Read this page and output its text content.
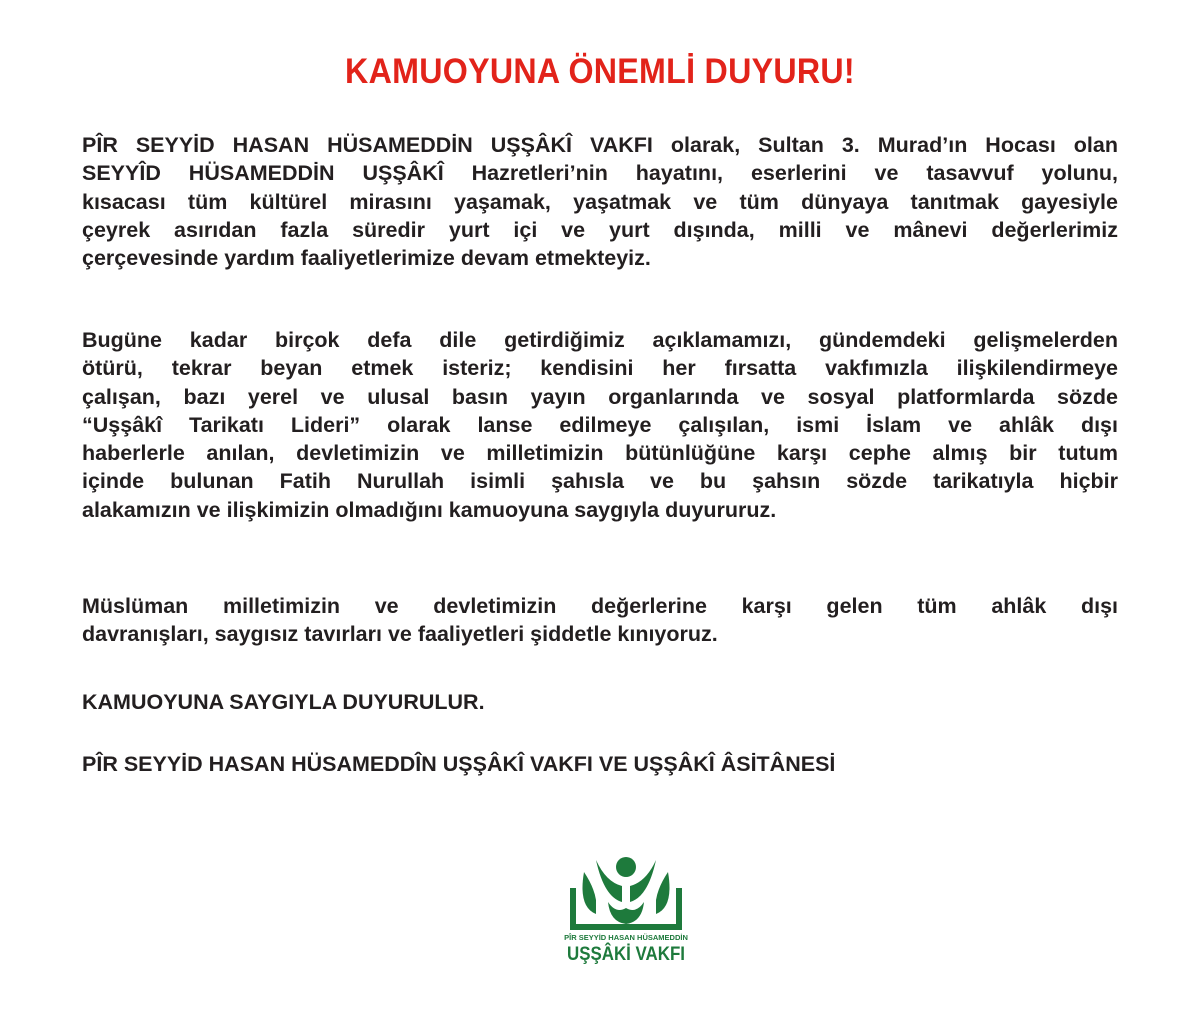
KAMUOYUNA ÖNEMLİ DUYURU!
PÎR SEYYİD HASAN HÜSAMEDDİN UŞŞÂKÎ VAKFI olarak, Sultan 3. Murad’ın Hocası olan
SEYYÎD HÜSAMEDDİN UŞŞÂKÎ Hazretleri’nin hayatını, eserlerini ve tasavvuf yolunu,
kısacası tüm kültürel mirasını yaşamak, yaşatmak ve tüm dünyaya tanıtmak gayesiyle
çeyrek asırıdan fazla süredir yurt içi ve yurt dışında, milli ve mânevi değerlerimiz
çerçevesinde yardım faaliyetlerimize devam etmekteyiz.
Bugüne kadar birçok defa dile getirdiğimiz açıklamamızı, gündemdeki gelişmelerden
ötürü, tekrar beyan etmek isteriz; kendisini her fırsatta vakfımızla ilişkilendirmeye
çalışan, bazı yerel ve ulusal basın yayın organlarında ve sosyal platformlarda sözde
“Uşşâkî Tarikatı Lideri” olarak lanse edilmeye çalışılan, ismi İslam ve ahlâk dışı
haberlerle anılan, devletimizin ve milletimizin bütünlüğüne karşı cephe almış bir tutum
içinde bulunan Fatih Nurullah isimli şahısla ve bu şahsın sözde tarikatıyla hiçbir
alakamızın ve ilişkimizin olmadığını kamuoyuna saygıyla duyururuz.
Müslüman milletimizin ve devletimizin değerlerine karşı gelen tüm ahlâk dışı
davranışları, saygısız tavırları ve faaliyetleri şiddetle kınıyoruz.
KAMUOYUNA SAYGIYLA DUYURULUR.
PÎR SEYYİD HASAN HÜSAMEDDÎN UŞŞÂKÎ VAKFI VE UŞŞÂKÎ ÂSİTÂNESİ
PÎR SEYYİD HASAN HÜSAMEDDİN
UŞŞÂKİ VAKFI
